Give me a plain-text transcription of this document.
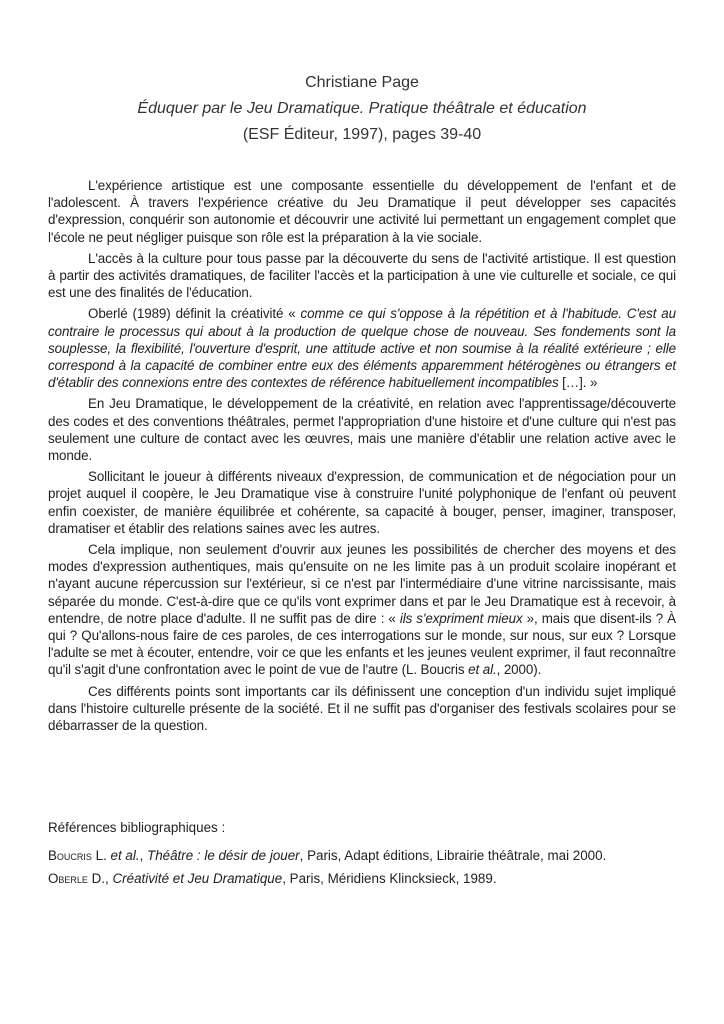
Christiane Page
Éduquer par le Jeu Dramatique. Pratique théâtrale et éducation
(ESF Éditeur, 1997), pages 39-40

L'expérience artistique est une composante essentielle du développement de l'enfant et de l'adolescent. À travers l'expérience créative du Jeu Dramatique il peut développer ses capacités d'expression, conquérir son autonomie et découvrir une activité lui permettant un engagement complet que l'école ne peut négliger puisque son rôle est la préparation à la vie sociale.

L'accès à la culture pour tous passe par la découverte du sens de l'activité artistique. Il est question à partir des activités dramatiques, de faciliter l'accès et la participation à une vie culturelle et sociale, ce qui est une des finalités de l'éducation.

Oberlé (1989) définit la créativité « comme ce qui s'oppose à la répétition et à l'habitude. C'est au contraire le processus qui about à la production de quelque chose de nouveau. Ses fondements sont la souplesse, la flexibilité, l'ouverture d'esprit, une attitude active et non soumise à la réalité extérieure ; elle correspond à la capacité de combiner entre eux des éléments apparemment hétérogènes ou étrangers et d'établir des connexions entre des contextes de référence habituellement incompatibles […]. »

En Jeu Dramatique, le développement de la créativité, en relation avec l'apprentissage/découverte des codes et des conventions théâtrales, permet l'appropriation d'une histoire et d'une culture qui n'est pas seulement une culture de contact avec les œuvres, mais une manière d'établir une relation active avec le monde.

Sollicitant le joueur à différents niveaux d'expression, de communication et de négociation pour un projet auquel il coopère, le Jeu Dramatique vise à construire l'unité polyphonique de l'enfant où peuvent enfin coexister, de manière équilibrée et cohérente, sa capacité à bouger, penser, imaginer, transposer, dramatiser et établir des relations saines avec les autres.

Cela implique, non seulement d'ouvrir aux jeunes les possibilités de chercher des moyens et des modes d'expression authentiques, mais qu'ensuite on ne les limite pas à un produit scolaire inopérant et n'ayant aucune répercussion sur l'extérieur, si ce n'est par l'intermédiaire d'une vitrine narcissisante, mais séparée du monde. C'est-à-dire que ce qu'ils vont exprimer dans et par le Jeu Dramatique est à recevoir, à entendre, de notre place d'adulte. Il ne suffit pas de dire : « ils s'expriment mieux », mais que disent-ils ? À qui ? Qu'allons-nous faire de ces paroles, de ces interrogations sur le monde, sur nous, sur eux ? Lorsque l'adulte se met à écouter, entendre, voir ce que les enfants et les jeunes veulent exprimer, il faut reconnaître qu'il s'agit d'une confrontation avec le point de vue de l'autre (L. Boucris et al., 2000).

Ces différents points sont importants car ils définissent une conception d'un individu sujet impliqué dans l'histoire culturelle présente de la société. Et il ne suffit pas d'organiser des festivals scolaires pour se débarrasser de la question.

Références bibliographiques :

Boucris L. et al., Théâtre : le désir de jouer, Paris, Adapt éditions, Librairie théâtrale, mai 2000.

Oberle D., Créativité et Jeu Dramatique, Paris, Méridiens Klincksieck, 1989.
